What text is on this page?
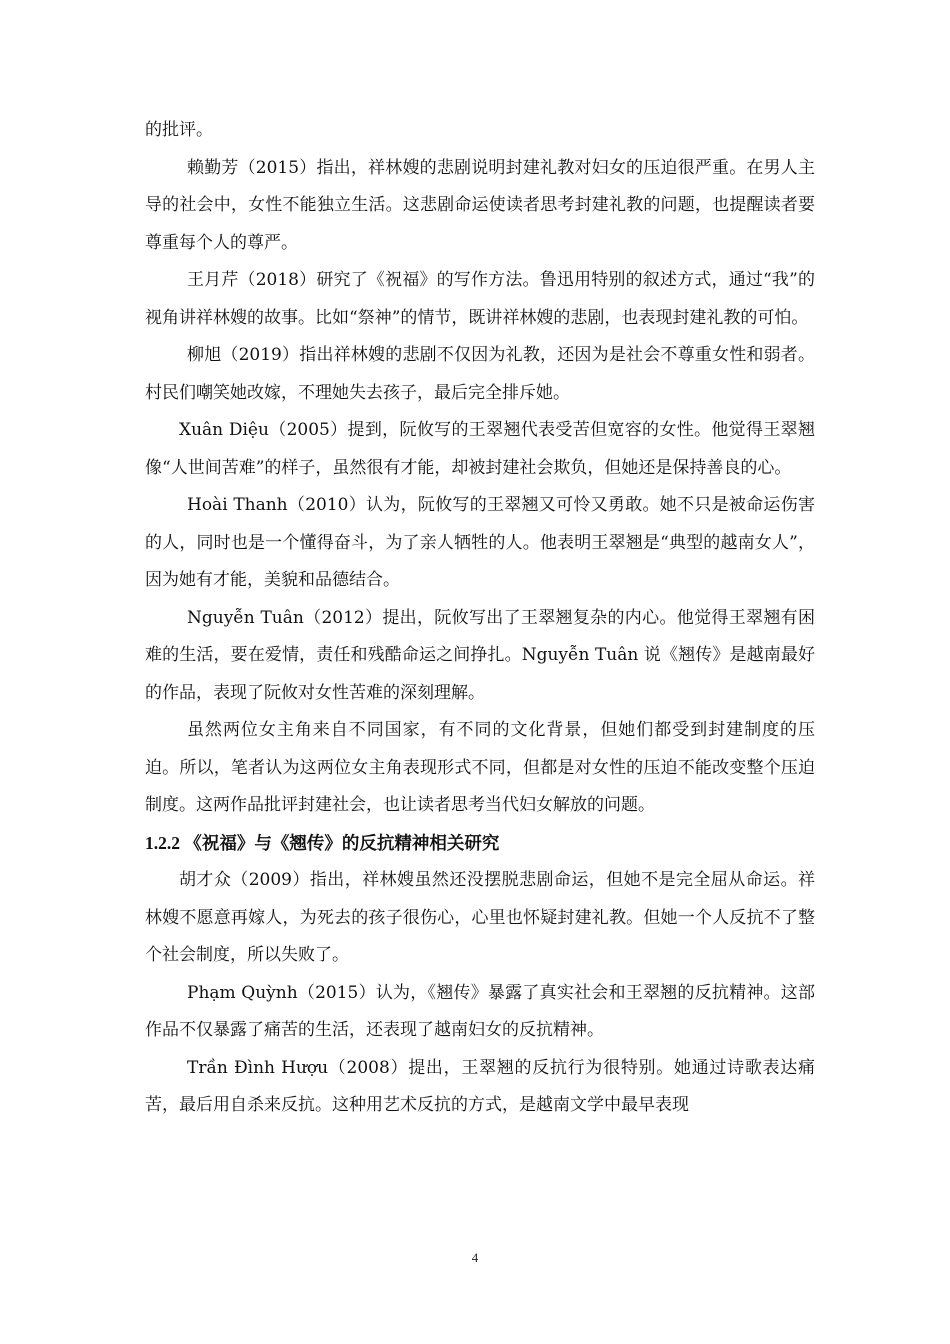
的批评。

赖勤芳（2015）指出，祥林嫂的悲剧说明封建礼教对妇女的压迫很严重。在男人主导的社会中，女性不能独立生活。这悲剧命运使读者思考封建礼教的问题，也提醒读者要尊重每个人的尊严。

王月芹（2018）研究了《祝福》的写作方法。鲁迅用特别的叙述方式，通过“我”的视角讲祥林嫂的故事。比如“祭神”的情节，既讲祥林嫂的悲剧，也表现封建礼教的可怕。

柳旭（2019）指出祥林嫂的悲剧不仅因为礼教，还因为是社会不尊重女性和弱者。村民们嘲笑她改嫁，不理她失去孩子，最后完全排斥她。

Xuân Diệu（2005）提到，阮攸写的王翠翘代表受苦但宽容的女性。他觉得王翠翘像“人世间苦难”的样子，虽然很有才能，却被封建社会欺负，但她还是保持善良的心。

Hoài Thanh（2010）认为，阮攸写的王翠翘又可怜又勇敢。她不只是被命运伤害的人，同时也是一个懂得奋斗，为了亲人牺牲的人。他表明王翠翘是“典型的越南女人”，因为她有才能，美貌和品德结合。

Nguyễn Tuân（2012）提出，阮攸写出了王翠翘复杂的内心。他觉得王翠翘有困难的生活，要在爱情，责任和残酷命运之间挣扎。Nguyễn Tuân 说《翘传》是越南最好的作品，表现了阮攸对女性苦难的深刻理解。

虽然两位女主角来自不同国家，有不同的文化背景，但她们都受到封建制度的压迫。所以，笔者认为这两位女主角表现形式不同，但都是对女性的压迫不能改变整个压迫制度。这两作品批评封建社会，也让读者思考当代妇女解放的问题。

1.2.2 《祝福》与《翘传》的反抗精神相关研究

胡才众（2009）指出，祥林嫂虽然还没摆脱悲剧命运，但她不是完全屈从命运。祥林嫂不愿意再嫁人，为死去的孩子很伤心，心里也怀疑封建礼教。但她一个人反抗不了整个社会制度，所以失败了。

Phạm Quỳnh（2015）认为，《翘传》暴露了真实社会和王翠翘的反抗精神。这部作品不仅暴露了痛苦的生活，还表现了越南妇女的反抗精神。

Trần Đình Hượu（2008）提出，王翠翘的反抗行为很特别。她通过诗歌表达痛苦，最后用自杀来反抗。这种用艺术反抗的方式，是越南文学中最早表现

4
